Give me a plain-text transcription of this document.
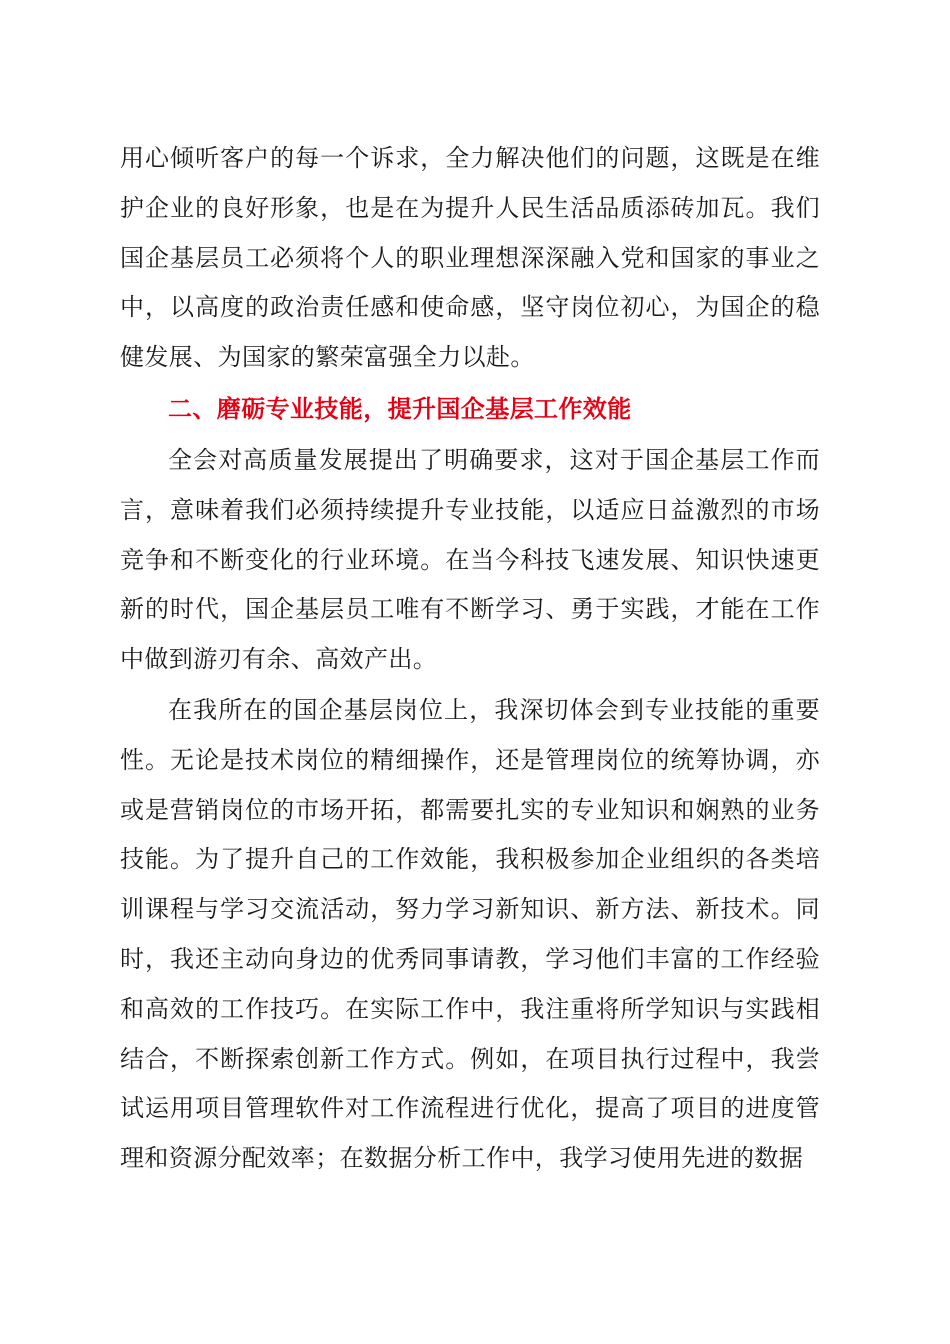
用心倾听客户的每一个诉求，全力解决他们的问题，这既是在维护企业的良好形象，也是在为提升人民生活品质添砖加瓦。我们国企基层员工必须将个人的职业理想深深融入党和国家的事业之中，以高度的政治责任感和使命感，坚守岗位初心，为国企的稳健发展、为国家的繁荣富强全力以赴。

二、磨砺专业技能，提升国企基层工作效能

全会对高质量发展提出了明确要求，这对于国企基层工作而言，意味着我们必须持续提升专业技能，以适应日益激烈的市场竞争和不断变化的行业环境。在当今科技飞速发展、知识快速更新的时代，国企基层员工唯有不断学习、勇于实践，才能在工作中做到游刃有余、高效产出。

在我所在的国企基层岗位上，我深切体会到专业技能的重要性。无论是技术岗位的精细操作，还是管理岗位的统筹协调，亦或是营销岗位的市场开拓，都需要扎实的专业知识和娴熟的业务技能。为了提升自己的工作效能，我积极参加企业组织的各类培训课程与学习交流活动，努力学习新知识、新方法、新技术。同时，我还主动向身边的优秀同事请教，学习他们丰富的工作经验和高效的工作技巧。在实际工作中，我注重将所学知识与实践相结合，不断探索创新工作方式。例如，在项目执行过程中，我尝试运用项目管理软件对工作流程进行优化，提高了项目的进度管理和资源分配效率；在数据分析工作中，我学习使用先进的数据
